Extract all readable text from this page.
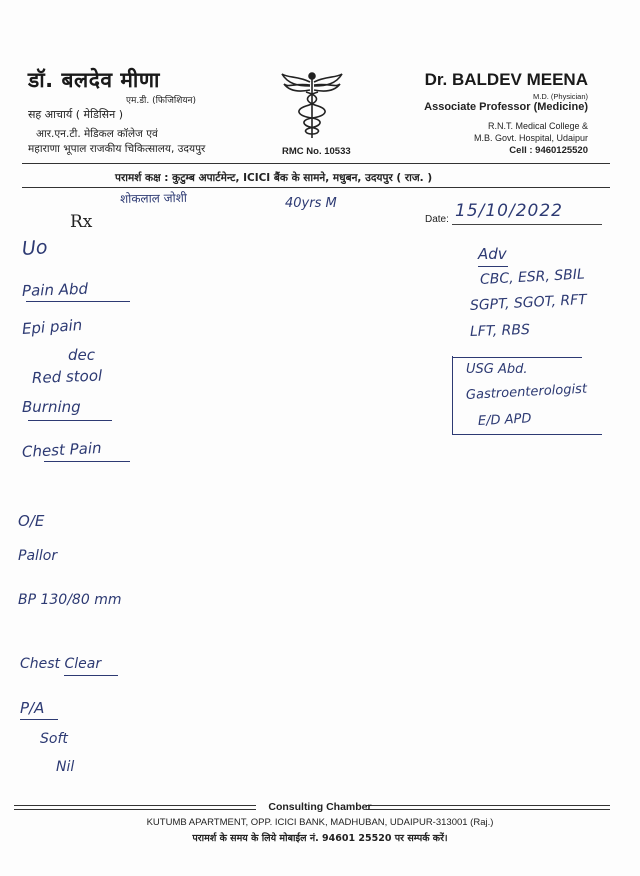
डॉ. बलदेव मीणा
एम.डी. (फिजिशियन)
सह आचार्य ( मेडिसिन )
आर.एन.टी. मेडिकल कॉलेज एवं
महाराणा भूपाल राजकीय चिकित्सालय, उदयपुर	RMC No. 10533
Dr. BALDEV MEENA
M.D. (Physician)
Associate Professor (Medicine)
R.N.T. Medical College &
M.B. Govt. Hospital, Udaipur
Cell : 9460125520
परामर्श कक्ष : कुटुम्ब अपार्टमेन्ट, ICICI बैंक के सामने, मधुबन, उदयपुर ( राज. )
शोकलाल जोशी	40yrs M
Rx	Date: 15/10/2022
Uo
Pain Abd
Epi pain
dec
Red stool
Burning
Chest Pain
Adv
CBC, ESR, SBIL
SGPT, SGOT, RFT
LFT, RBS
USG Abd.
Gastroenterologist
E/D APD
O/E
Pallor
BP 130/80 mm
Chest Clear
P/A
Soft
Nil
Consulting Chamber
KUTUMB APARTMENT, OPP. ICICI BANK, MADHUBAN, UDAIPUR-313001 (Raj.)
परामर्श के समय के लिये मोबाईल नं. 94601 25520 पर सम्पर्क करें।
